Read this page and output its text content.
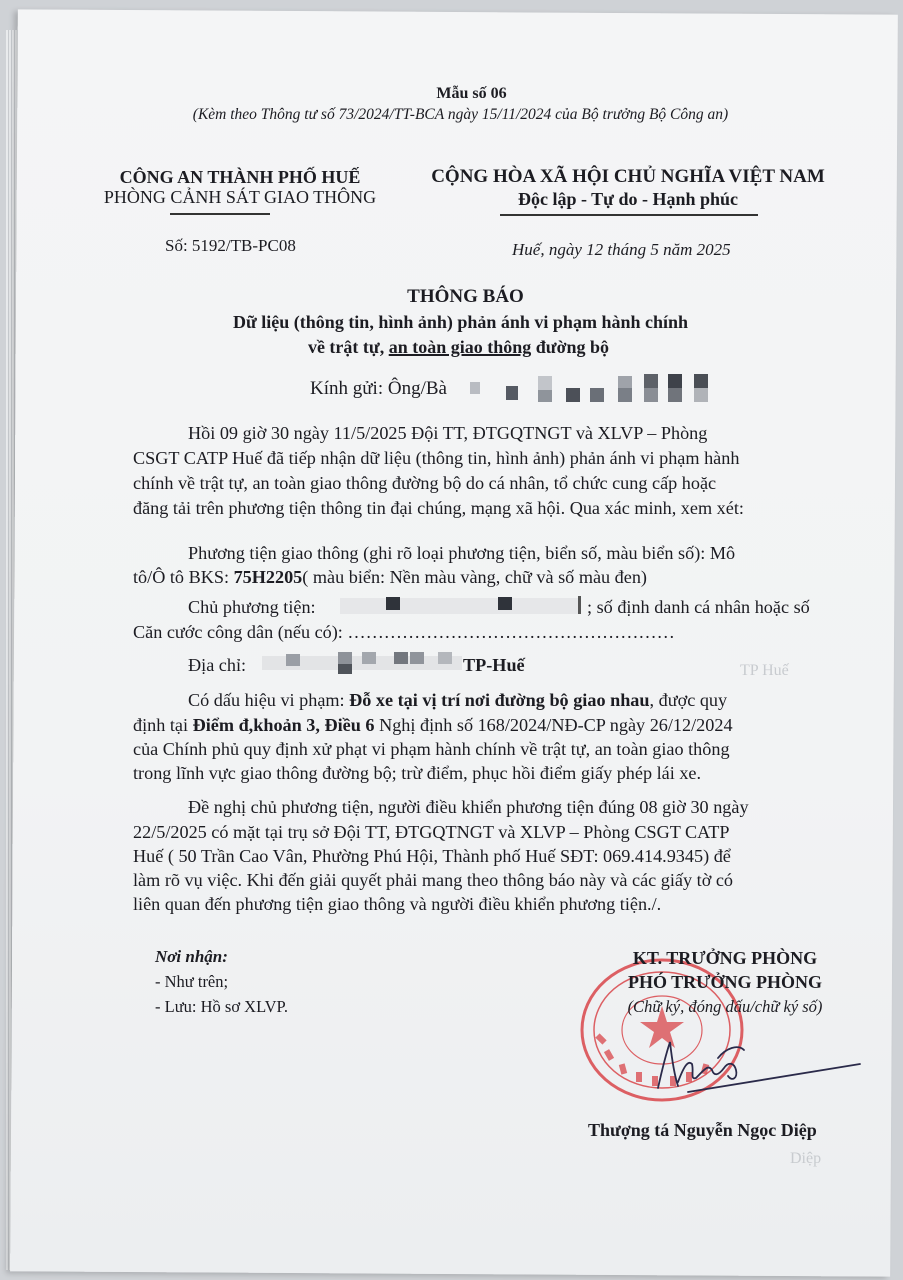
TP Huế
Diệp
Mẫu số 06
(Kèm theo Thông tư số 73/2024/TT-BCA ngày 15/11/2024 của Bộ trưởng Bộ Công an)
CÔNG AN THÀNH PHỐ HUẾ
PHÒNG CẢNH SÁT GIAO THÔNG
CỘNG HÒA XÃ HỘI CHỦ NGHĨA VIỆT NAM
Độc lập - Tự do - Hạnh phúc
Số: 5192/TB-PC08	Huế, ngày 12 tháng 5 năm 2025
THÔNG BÁO
Dữ liệu (thông tin, hình ảnh) phản ánh vi phạm hành chính
về trật tự, an toàn giao thông đường bộ
Kính gửi: Ông/Bà
Hồi 09 giờ 30 ngày 11/5/2025 Đội TT, ĐTGQTNGT và XLVP – Phòng
CSGT CATP Huế đã tiếp nhận dữ liệu (thông tin, hình ảnh) phản ánh vi phạm hành
chính về trật tự, an toàn giao thông đường bộ do cá nhân, tổ chức cung cấp hoặc
đăng tải trên phương tiện thông tin đại chúng, mạng xã hội. Qua xác minh, xem xét:
Phương tiện giao thông (ghi rõ loại phương tiện, biển số, màu biển số): Mô
tô/Ô tô BKS: 75H2205( màu biển: Nền màu vàng, chữ và số màu đen)
Chủ phương tiện:	; số định danh cá nhân hoặc số
Căn cước công dân (nếu có): ………………………………………………
Địa chỉ:	TP-Huế
Có dấu hiệu vi phạm: Đỗ xe tại vị trí nơi đường bộ giao nhau, được quy
định tại Điểm đ,khoản 3, Điều 6 Nghị định số 168/2024/NĐ-CP ngày 26/12/2024
của Chính phủ quy định xử phạt vi phạm hành chính về trật tự, an toàn giao thông
trong lĩnh vực giao thông đường bộ; trừ điểm, phục hồi điểm giấy phép lái xe.
Đề nghị chủ phương tiện, người điều khiển phương tiện đúng 08 giờ 30 ngày
22/5/2025 có mặt tại trụ sở Đội TT, ĐTGQTNGT và XLVP – Phòng CSGT CATP
Huế ( 50 Trần Cao Vân, Phường Phú Hội, Thành phố Huế SĐT: 069.414.9345) để
làm rõ vụ việc. Khi đến giải quyết phải mang theo thông báo này và các giấy tờ có
liên quan đến phương tiện giao thông và người điều khiển phương tiện./.
Nơi nhận:
- Như trên;
- Lưu: Hồ sơ XLVP.
KT. TRƯỞNG PHÒNG
PHÓ TRƯỞNG PHÒNG
(Chữ ký, đóng dấu/chữ ký số)
Thượng tá Nguyễn Ngọc Diệp
